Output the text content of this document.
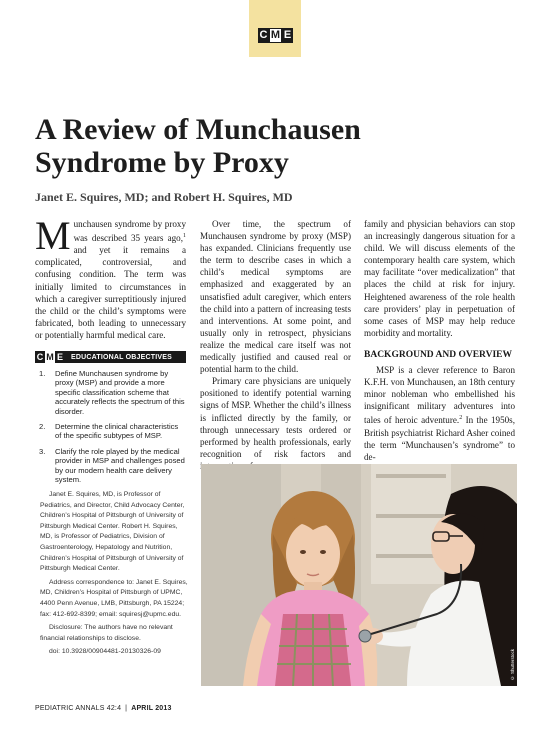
C M E
A Review of Munchausen
Syndrome by Proxy
Janet E. Squires, MD; and Robert H. Squires, MD

Munchausen syndrome by proxy was described 35 years ago,$^1$ and yet it remains a complicated, controversial, and confusing condition. The term was initially limited to circumstances in which a caregiver surreptitiously injured the child or the child’s symptoms were fabricated, both leading to unnecessary or potentially harmful medical care.

C M E EDUCATIONAL OBJECTIVES
1.	Define Munchausen syndrome by proxy (MSP) and provide a more specific classification scheme that accurately reflects the spectrum of this disorder.
2.	Determine the clinical characteristics of the specific subtypes of MSP.
3.	Clarify the role played by the medical provider in MSP and challenges posed by our modern health care delivery system.

Janet E. Squires, MD, is Professor of Pediatrics, and Director, Child Advocacy Center, Children’s Hospital of Pittsburgh of University of Pittsburgh Medical Center. Robert H. Squires, MD, is Professor of Pediatrics, Division of Gastroenterology, Hepatology and Nutrition, Children’s Hospital of Pittsburgh of University of Pittsburgh Medical Center.

Address correspondence to: Janet E. Squires, MD, Children’s Hospital of Pittsburgh of UPMC, 4400 Penn Avenue, LMB, Pittsburgh, PA 15224; fax: 412-692-8399; email: squiresj@upmc.edu.

Disclosure: The authors have no relevant financial relationships to disclose.

doi: 10.3928/00904481-20130326-09

Over time, the spectrum of Munchausen syndrome by proxy (MSP) has expanded. Clinicians frequently use the term to describe cases in which a child’s medical symptoms are emphasized and exaggerated by an unsatisfied adult caregiver, which enters the child into a pattern of increasing tests and interventions. At some point, and usually only in retrospect, physicians realize the medical care itself was not medically justified and caused real or potential harm to the child.

Primary care physicians are uniquely positioned to identify potential warning signs of MSP. Whether the child’s illness is inflicted directly by the family, or through unnecessary tests ordered or performed by health professionals, early recognition of risk factors and

family and physician behaviors can stop an increasingly dangerous situation for a child. We will discuss elements of the contemporary health care system, which may facilitate “over medicalization” that places the child at risk for injury. Heightened awareness of the role health care providers’ play in perpetuation of some cases of MSP may help reduce morbidity and mortality.

BACKGROUND AND OVERVIEW

MSP is a clever reference to Baron K.F.H. von Munchausen, an 18th century minor nobleman who embellished his insignificant military adventures into tales of heroic adventure.$^2$ In the 1950s, British psychiatrist Richard Asher coined the term “Munchausen’s syndrome” to de-

© Shutterstock
PEDIATRIC ANNALS 42:4 | APRIL 2013
